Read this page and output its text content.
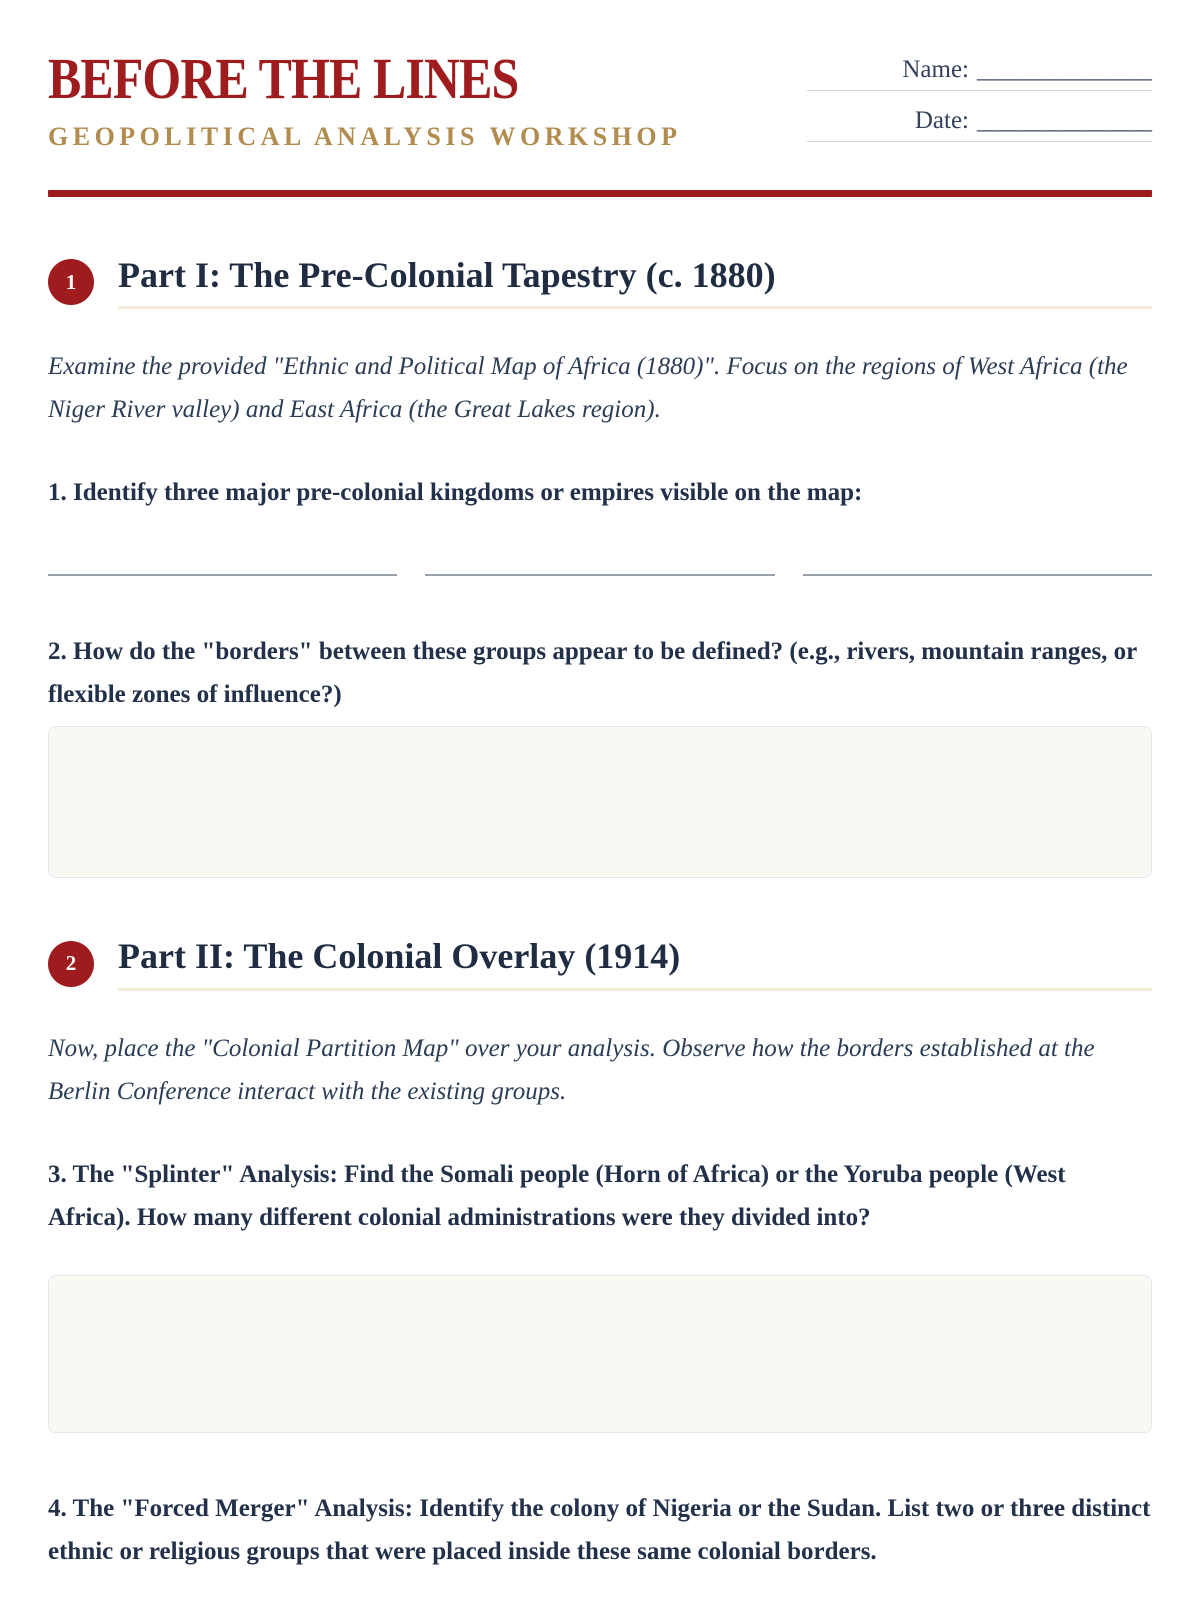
BEFORE THE LINES
GEOPOLITICAL ANALYSIS WORKSHOP
Name: ______________
Date: ______________
1	Part I: The Pre-Colonial Tapestry (c. 1880)

Examine the provided "Ethnic and Political Map of Africa (1880)". Focus on the regions of West Africa (the Niger River valley) and East Africa (the Great Lakes region).

1. Identify three major pre-colonial kingdoms or empires visible on the map:

2. How do the "borders" between these groups appear to be defined? (e.g., rivers, mountain ranges, or flexible zones of influence?)

2	Part II: The Colonial Overlay (1914)

Now, place the "Colonial Partition Map" over your analysis. Observe how the borders established at the Berlin Conference interact with the existing groups.

3. The "Splinter" Analysis: Find the Somali people (Horn of Africa) or the Yoruba people (West Africa). How many different colonial administrations were they divided into?

4. The "Forced Merger" Analysis: Identify the colony of Nigeria or the Sudan. List two or three distinct ethnic or religious groups that were placed inside these same colonial borders.
